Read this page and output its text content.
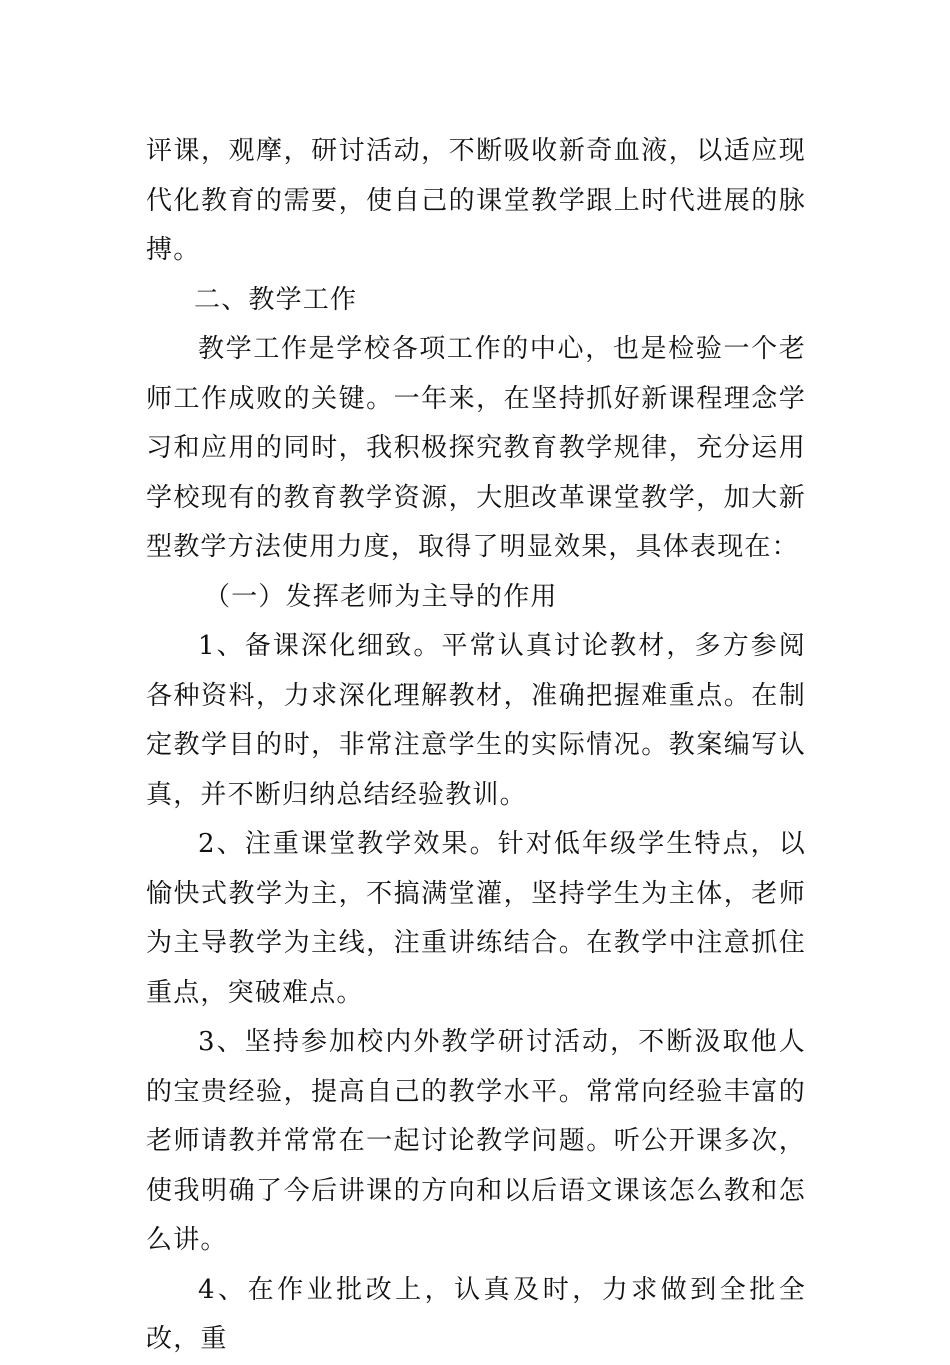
评课，观摩，研讨活动，不断吸收新奇血液，以适应现代化教育的需要，使自己的课堂教学跟上时代进展的脉搏。

二、教学工作

教学工作是学校各项工作的中心，也是检验一个老师工作成败的关键。一年来，在坚持抓好新课程理念学习和应用的同时，我积极探究教育教学规律，充分运用学校现有的教育教学资源，大胆改革课堂教学，加大新型教学方法使用力度，取得了明显效果，具体表现在：

（一）发挥老师为主导的作用

1、备课深化细致。平常认真讨论教材，多方参阅各种资料，力求深化理解教材，准确把握难重点。在制定教学目的时，非常注意学生的实际情况。教案编写认真，并不断归纳总结经验教训。

2、注重课堂教学效果。针对低年级学生特点，以愉快式教学为主，不搞满堂灌，坚持学生为主体，老师为主导教学为主线，注重讲练结合。在教学中注意抓住重点，突破难点。

3、坚持参加校内外教学研讨活动，不断汲取他人的宝贵经验，提高自己的教学水平。常常向经验丰富的老师请教并常常在一起讨论教学问题。听公开课多次，使我明确了今后讲课的方向和以后语文课该怎么教和怎么讲。

4、在作业批改上，认真及时，力求做到全批全改，重
